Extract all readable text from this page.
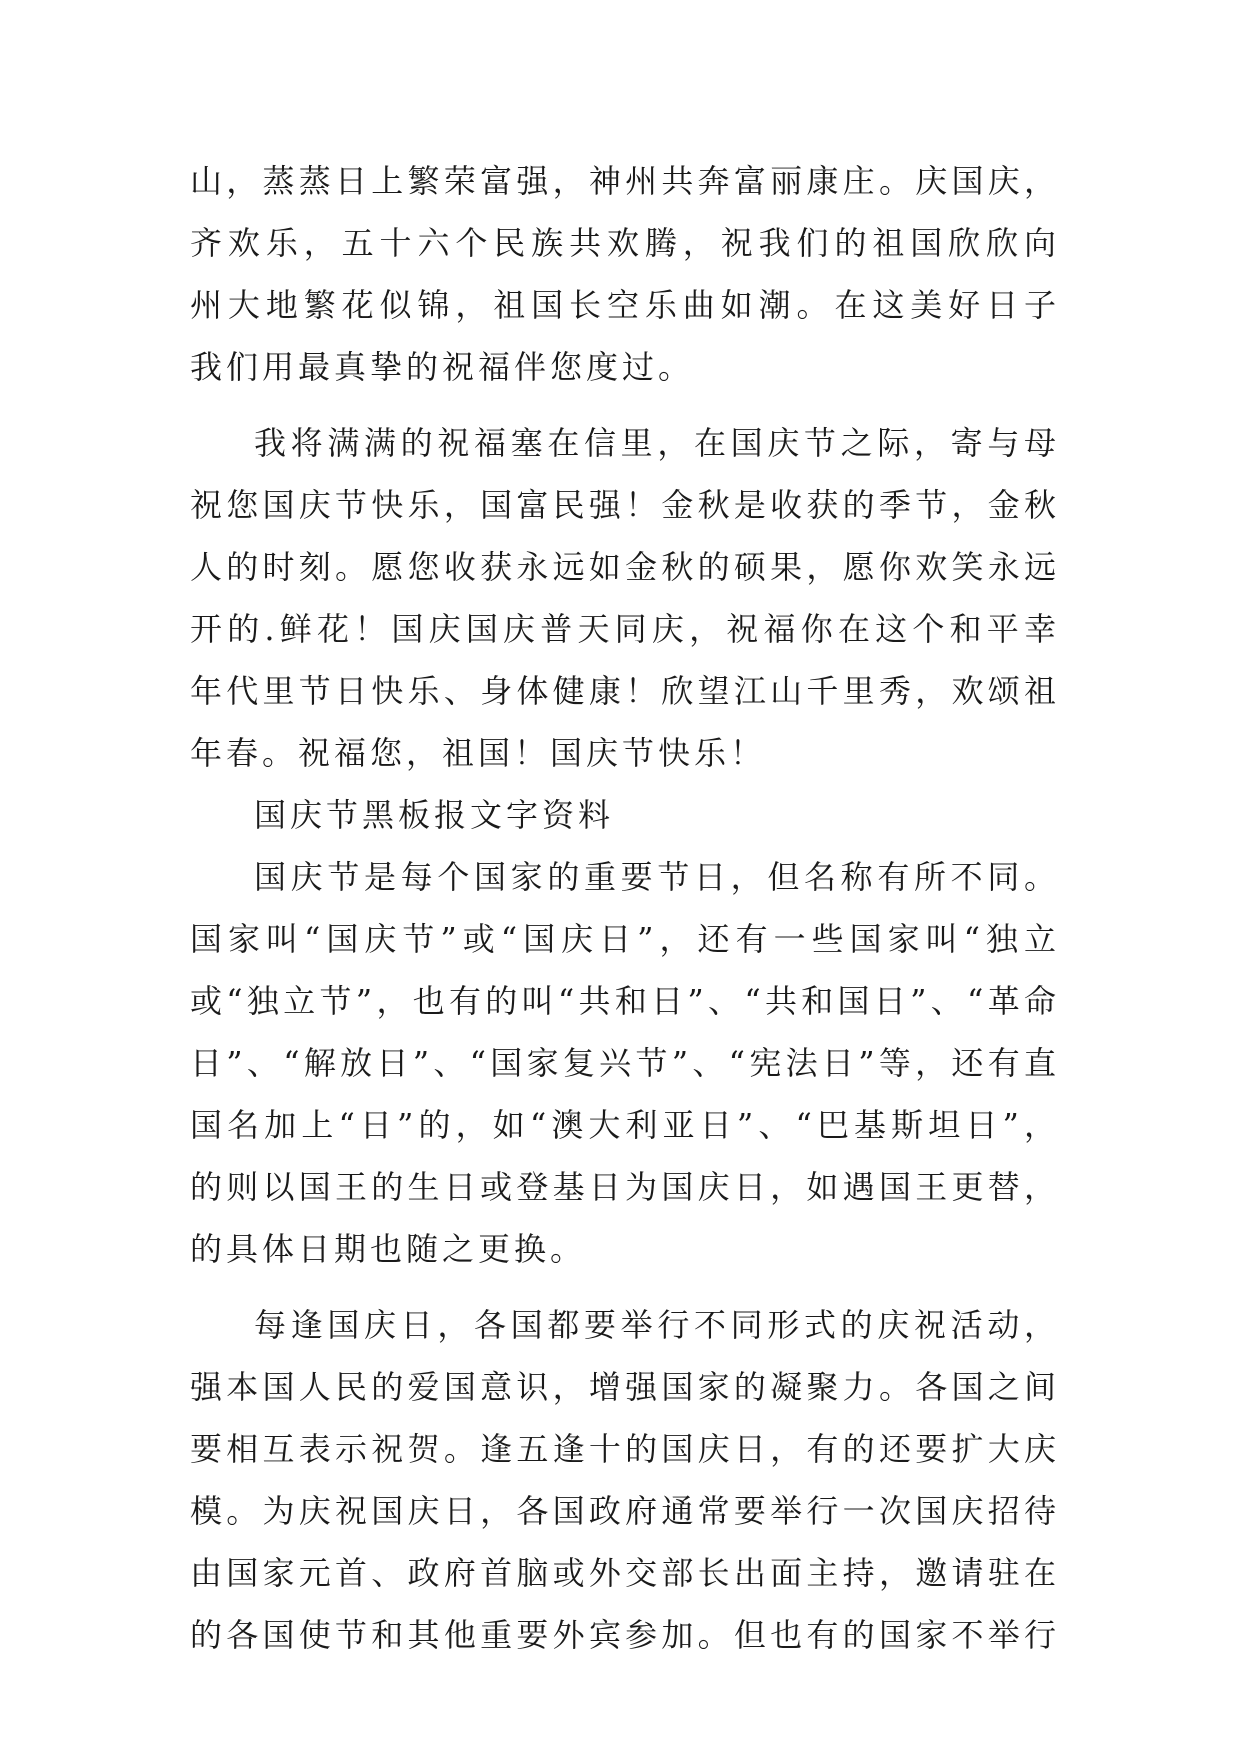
山，蒸蒸日上繁荣富强，神州共奔富丽康庄。庆国庆，
齐欢乐，五十六个民族共欢腾，祝我们的祖国欣欣向
州大地繁花似锦，祖国长空乐曲如潮。在这美好日子
我们用最真挚的祝福伴您度过。
我将满满的祝福塞在信里，在国庆节之际，寄与母
祝您国庆节快乐，国富民强！金秋是收获的季节，金秋
人的时刻。愿您收获永远如金秋的硕果，愿你欢笑永远
开的.鲜花！国庆国庆普天同庆，祝福你在这个和平幸
年代里节日快乐、身体健康！欣望江山千里秀，欢颂祖
年春。祝福您，祖国！国庆节快乐！
国庆节黑板报文字资料
国庆节是每个国家的重要节日，但名称有所不同。
国家叫“国庆节”或“国庆日”，还有一些国家叫“独立
或“独立节”，也有的叫“共和日”、“共和国日”、“革命
日”、“解放日”、“国家复兴节”、“宪法日”等，还有直
国名加上“日”的，如“澳大利亚日”、“巴基斯坦日”，
的则以国王的生日或登基日为国庆日，如遇国王更替，
的具体日期也随之更换。
每逢国庆日，各国都要举行不同形式的庆祝活动，
强本国人民的爱国意识，增强国家的凝聚力。各国之间
要相互表示祝贺。逢五逢十的国庆日，有的还要扩大庆
模。为庆祝国庆日，各国政府通常要举行一次国庆招待
由国家元首、政府首脑或外交部长出面主持，邀请驻在
的各国使节和其他重要外宾参加。但也有的国家不举行
